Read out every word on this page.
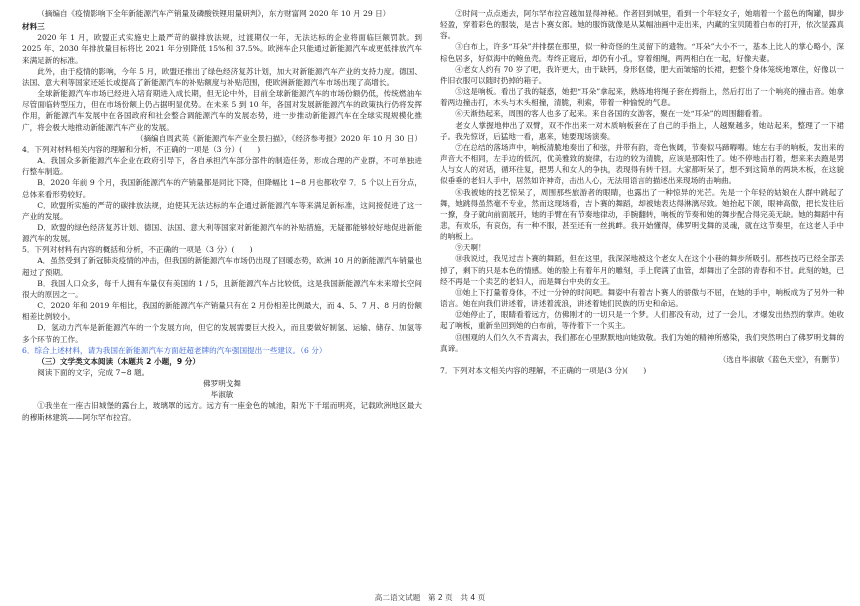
（摘编自《疫情影响下全年新能源汽车产销量及磷酸铁锂用量研判》，东方财富网 2020 年 10 月 29 日）

材料三

2020 年 1 月，欧盟正式实施史上最严苛的碳排放法规，过渡期仅一年，无法达标的企业将面临巨额罚款。到 2025 年、2030 年排放量目标将比 2021 年分别降低 15%和 37.5%。欧洲车企只能通过新能源汽车或更低排放汽车来满足新的标准。

此外，由于疫情的影响，今年 5 月，欧盟还推出了绿色经济复苏计划，加大对新能源汽车产业的支持力度。德国、法国、意大利等国家还延长或提高了新能源汽车的补贴额度与补贴范围，使欧洲新能源汽车市场出现了高增长。

全球新能源汽车市场已经进入培育期进入成长期，但无论中外，目前全球新能源汽车的市场份额仍低，传统燃油车尽管面临转型压力，但在市场份额上仍占据明显优势。在未来 5 到 10 年，各国对发展新能源汽车的政策执行仍将发挥作用，新能源汽车发展中在各国政府和社会整合调能源汽车的发展态势，进一步推动新能源汽车在全球实现规模化推广，将会极大地推动新能源汽车产业的发展。

（摘编自周武英《新能源汽车产业全景扫描》，《经济参考报》2020 年 10 月 30 日）

4．下列对材料相关内容的理解和分析，不正确的一项是（3 分）(　　)

A．我国众多新能源汽车企业在政府引导下，各自承担汽车部分部件的制造任务，形成合理的产业群，不可单独进行整车制造。

B．2020 年前 9 个月，我国新能源汽车的产销量都是同比下降，但降幅比 1~8 月也都收窄 7．5 个以上百分点，总体来看形势较好。

C．欧盟所实施的严苛的碳排放法规，迫使其无法达标的车企通过新能源汽车等来满足新标准，这间接促进了这一产业的发展。

D．欧盟的绿色经济复苏计划、德国、法国、意大利等国家对新能源汽车的补贴措施，无疑都能够较好地促进新能源汽车的发展。

5．下列对材料有内容的概括和分析，不正确的一项是（3 分）(　　)

A．虽然受到了新冠肺炎疫情的冲击，但我国的新能源汽车市场仍出现了回暖态势，欧洲 10 月的新能源汽车销量也超过了预期。

B．我国人口众多，每千人拥有车量仅有美国的 1 / 5，且新能源汽车占比较低，这是我国新能源汽车未来增长空间很大的原因之一。

C．2020 年和 2019 年相比，我国的新能源汽车产销量只有在 2 月份相差比例最大，而 4、5、7 月、8 月的份额相差比例较小。

D．氢动力汽车是新能源汽车的一个发展方向，但它的发展需要巨大投入，而且要做好制氢、运输、储存、加氢等多个环节的工作。

6．综合上述材料，请为我国在新能源汽车方面赶超老牌的汽车强国提出一些建议。（6 分）

（三）文学类文本阅读（本题共 2 小题，9 分）

阅读下面的文字，完成 7~8 题。

佛罗明戈舞

毕淑敏

①我坐在一座古旧城堡的露台上，玻璃罩的远方。远方有一座金色的城池，阳光下千瑶而明亮，记载欧洲地区最大的穆斯林建筑——阿尔罕布拉宫。

②时间一点点逝去，阿尔罕布拉宫越加显得神秘。作者回到城里，看到一个年轻女子，她端着一个蓝色的陶罐，脚步轻盈，穿着彩色的服装，是吉卜赛女郎。她的服饰就像是从某幅油画中走出来，内藏的宝贝随着白布的打开，依次显露真容。

③白布上，许多“耳朵”并排摆在那里，似一种奇怪的生灵留下的遗物。“耳朵”大小不一，基本上比人的掌心略小，深棕色居多，好似海中的鲍鱼壳。寿终正寝后，却仍有小孔，穿着细绳，两两相白在一起，好像夫妻。

④老女人约有 70 岁了吧，我许更大，由于缺钙，身形伛偻，肥大而皱缩的长裙，把整个身体笼统地罩住，好像以一件旧衣服可以随时扔掉的箱子。

⑤这是响板。看出了我的疑惑，她把“耳朵”拿起来，熟练地将绳子套在拇指上，然后打出了一个响亮的撞击音。她拿着两边撞击打，木头与木头相撞，清脆，利索，带着一种愉悦的气息。

⑥天渐热起来，周围的客人也多了起来。来自各国的女游客，聚在一处“耳朵”的周围翻看着。

老女人掌握地伸出了双臂，双不作出来一对木质响板套在了自己的手指上，人越聚越多，她站起来，整理了一下裙子。我先惊讶，后猛地一看，惠来，她要现场演奏。

⑦在总结的落场声中，响板清脆地奏出了和弦，并带有韵，奇色恢阔，节奏似马蹄嘚嘚。她左右手的响板，发出来的声音大不相同，左手边的低沉，优美雅致的旋律，右边的较为清脆，应该是那阳性了。她不停地击打着，想来来去跑是男人与女人的对话，循环往复，把男人和女人的争执，表现得有转千回。大家都听呆了，想不到这简单的两块木板，在这貌似垂垂的老妇人手中，居然如许神奇，击出人心，无法用语言的描述出来现场的击响曲。

⑧我被她的技艺惊呆了，周围那些旅游者的眼睛，也露出了一种惊异的光芒。先是一个年轻的姑娘在人群中跳起了舞，她跳得虽然毫不专业，然而这现场看，吉卜赛的舞蹈，却被她表达得淋漓尽致。她抬起下颌，眼神高傲，把长发往后一撩，身子就向前面展开，她的手臂在有节奏地律动，手腕翻转，响板的节奏和她的舞步配合得完美无缺。她的舞蹈中有悲，有欢乐，有哀伤，有一种不服，甚至还有一丝挑衅。我开始懂得，佛罗明戈舞的灵魂，就在这节奏里，在这老人手中的响板上。

⑨天啊！

⑩我说过，我见过吉卜赛的舞蹈，但在这里，我深深地被这个老女人在这个小巷的舞步所吸引。那些技巧已经全部丢掉了，剩下的只是本色的情感。她的脸上有着年月的雕刻，手上爬满了血管，却舞出了全部的青春和不甘。此刻的她，已经不再是一个卖艺的老妇人，而是舞台中央的女王。

⑪她上下打量着身体，不过一分钟的时间吧。舞姿中有着吉卜赛人的骄傲与不屈，在她的手中，响板成为了另外一种语言。她在向我们讲述着，讲述着流浪，讲述着她们民族的历史和命运。

⑫她停止了，眼睛看着远方，仿佛刚才的一切只是一个梦。人们都没有动，过了一会儿，才爆发出热烈的掌声。她收起了响板，重新坐回到她的白布前，等待着下一个买主。

⑬围观的人们久久不肯离去，我们都在心里默默地向她致敬。我们为她的精神所感染，我们突然明白了佛罗明戈舞的真谛。

（选自毕淑敏《蓝色天堂》，有删节）

7．下列对本文相关内容的理解，不正确的一项是(3 分)(　　)

高二语文试题　第 2 页　共 4 页
